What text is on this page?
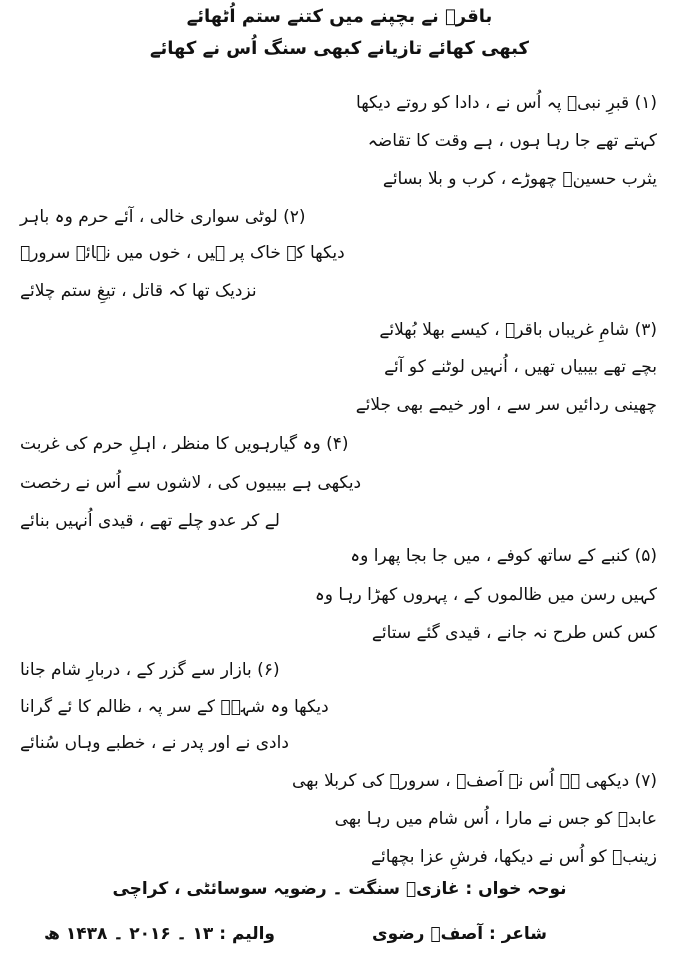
باقرؑ نے بچپنے میں کتنے ستم اُٹھائے
کبھی کھائے تازیانے کبھی سنگ اُس نے کھائے
(۱) قبرِ نبیؐ پہ اُس نے ، دادا کو روتے دیکھا
کہتے تھے جا رہا ہوں ، ہے وقت کا تقاضہ
یثرب حسینؑ چھوڑے ، کرب و بلا بسائے
(۲) لوٹی سواری خالی ، آئے حرم وہ باہر
دیکھا کہ خاک پر ہیں ، خوں میں نہائے سرورؑ
نزدیک تھا کہ قاتل ، تیغِ ستم چلائے
(۳) شامِ غریباں باقرؑ ، کیسے بھلا بُھلائے
بچے تھے بیبیاں تھیں ، اُنہیں لوٹنے کو آئے
چھینی ردائیں سر سے ، اور خیمے بھی جلائے
(۴) وہ گیارہویں کا منظر ، اہلِ حرم کی غربت
دیکھی ہے بیبیوں کی ، لاشوں سے اُس نے رخصت
لے کر عدو چلے تھے ، قیدی اُنہیں بنائے
(۵) کنبے کے ساتھ کوفے ، میں جا بجا پھرا وہ
کہیں رسن میں ظالموں کے ، پہروں کھڑا رہا وہ
کس کس طرح نہ جانے ، قیدی گئے ستائے
(۶) بازار سے گزر کے ، دربارِ شام جانا
دیکھا وہ شہہؑ کے سر پہ ، ظالم کا ئے گرانا
دادی نے اور پدر نے ، خطبے وہاں سُنائے
(۷) دیکھی ہے اُس نے آصفؔ ، سرورؑ کی کربلا بھی
عابدؑ کو جس نے مارا ، اُس شام میں رہا بھی
زینبؑ کو اُس نے دیکھا، فرشِ عزا بچھائے
نوحہ خواں : غازیؑ سنگت ۔ رضویہ سوسائٹی ، کراچی
شاعر : آصفؔ رضوی
والیم : ۱۳ ۔ ۲۰۱۶ ۔ ۱۴۳۸ ھ
